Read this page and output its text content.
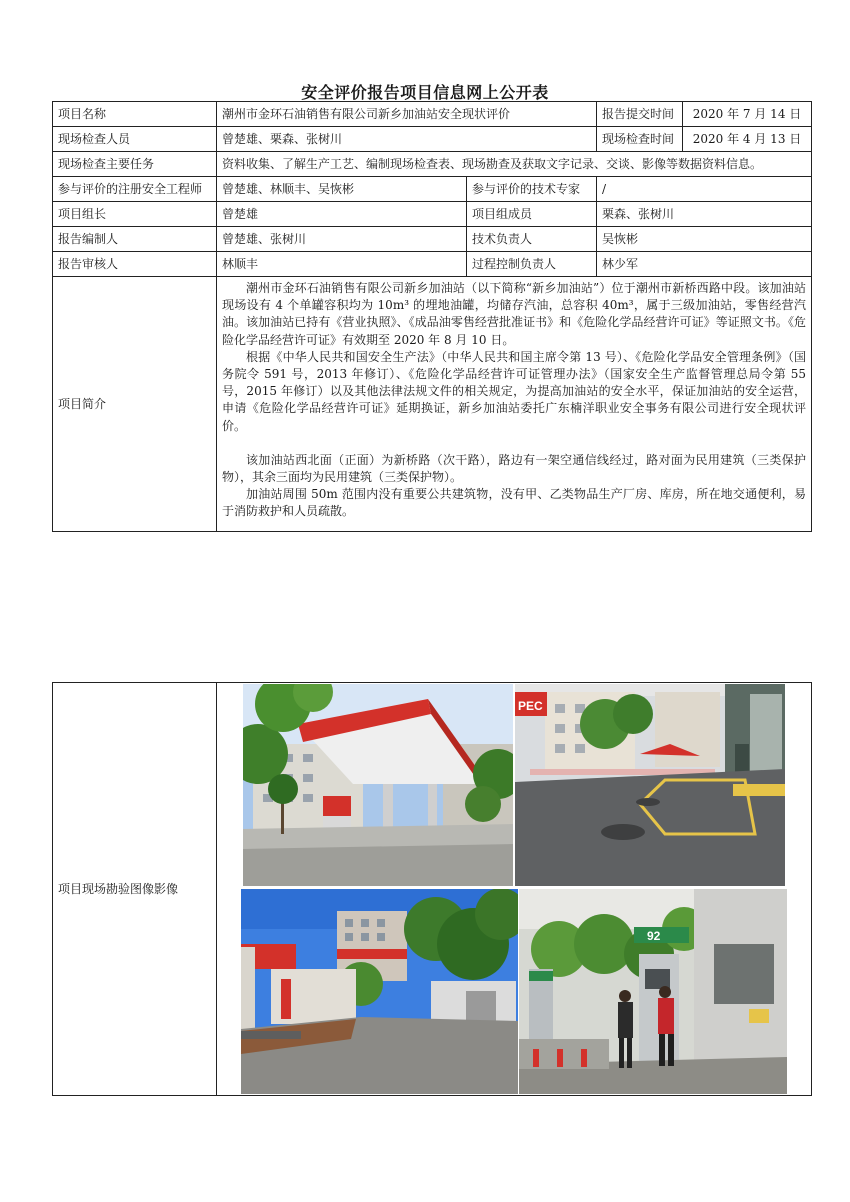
安全评价报告项目信息网上公开表
项目名称	潮州市金环石油销售有限公司新乡加油站安全现状评价		报告提交时间	2020 年 7 月 14 日
现场检查人员	曾楚雄、栗森、张树川		现场检查时间	2020 年 4 月 13 日
现场检查主要任务	资料收集、了解生产工艺、编制现场检查表、现场勘查及获取文字记录、交谈、影像等数据资料信息。			
参与评价的注册安全工程师	曾楚雄、林顺丰、吴恢彬	参与评价的技术专家	/	
项目组长	曾楚雄	项目组成员	栗森、张树川	
报告编制人	曾楚雄、张树川	技术负责人	吴恢彬	
报告审核人	林顺丰	过程控制负责人	林少军	
项目简介	潮州市金环石油销售有限公司新乡加油站（以下简称“新乡加油站”）位于潮州市新桥西路中段。该加油站现场设有 4 个单罐容积均为 10m³ 的埋地油罐，均储存汽油，总容积 40m³，属于三级加油站，零售经营汽油。该加油站已持有《营业执照》、《成品油零售经营批准证书》和《危险化学品经营许可证》等证照文书。《危险化学品经营许可证》有效期至 2020 年 8 月 10 日。

根据《中华人民共和国安全生产法》（中华人民共和国主席令第 13 号）、《危险化学品安全管理条例》（国务院令 591 号，2013 年修订）、《危险化学品经营许可证管理办法》（国家安全生产监督管理总局令第 55 号，2015 年修订）以及其他法律法规文件的相关规定，为提高加油站的安全水平，保证加油站的安全运营，申请《危险化学品经营许可证》延期换证，新乡加油站委托广东楠洋职业安全事务有限公司进行安全现状评价。

该加油站西北面（正面）为新桥路（次干路），路边有一架空通信线经过，路对面为民用建筑（三类保护物），其余三面均为民用建筑（三类保护物）。

加油站周围 50m 范围内没有重要公共建筑物，没有甲、乙类物品生产厂房、库房，所在地交通便利，易于消防救护和人员疏散。			

项目现场勘验图像影像	
PEC
92
